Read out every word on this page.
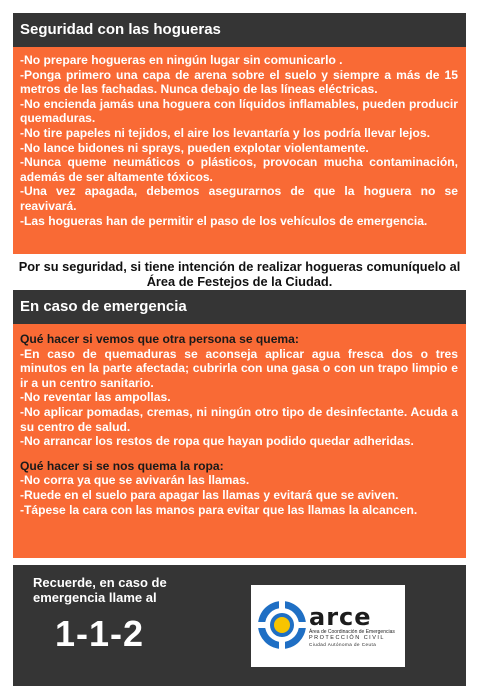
Seguridad con las hogueras
-No prepare hogueras en ningún lugar sin comunicarlo .
-Ponga primero una capa de arena sobre el suelo y siempre a más de 15 metros de las fachadas. Nunca debajo de las líneas eléctricas.
-No encienda jamás una hoguera con líquidos inflamables, pueden producir quemaduras.
-No tire papeles ni tejidos, el aire los levantaría y los podría llevar lejos.
-No lance bidones ni sprays, pueden explotar violentamente.
-Nunca queme neumáticos o plásticos, provocan mucha contaminación, además de ser altamente tóxicos.
-Una vez apagada, debemos asegurarnos de que la hoguera no se reavivará.
-Las hogueras han de permitir el paso de los vehículos de emergencia.
Por su seguridad, si tiene intención de realizar hogueras comuníquelo al Área de Festejos de la Ciudad.
En caso de emergencia
Qué hacer si vemos que otra persona se quema:
-En caso de quemaduras se aconseja aplicar agua fresca dos o tres minutos en la parte afectada; cubrirla con una gasa o con un trapo limpio e ir a un centro sanitario.
-No reventar las ampollas.
-No aplicar pomadas, cremas, ni ningún otro tipo de desinfectante. Acuda a su centro de salud.
-No arrancar los restos de ropa que hayan podido quedar adheridas.
Qué hacer si se nos quema la ropa:
-No corra ya que se avivarán las llamas.
-Ruede en el suelo para apagar las llamas y evitará que se aviven.
-Tápese la cara con las manos para evitar que las llamas la alcancen.
Recuerde, en caso de emergencia llame al
1-1-2	arce
Área de Coordinación de Emergencias
PROTECCIÓN CIVIL
Ciudad Autónoma de Ceuta
